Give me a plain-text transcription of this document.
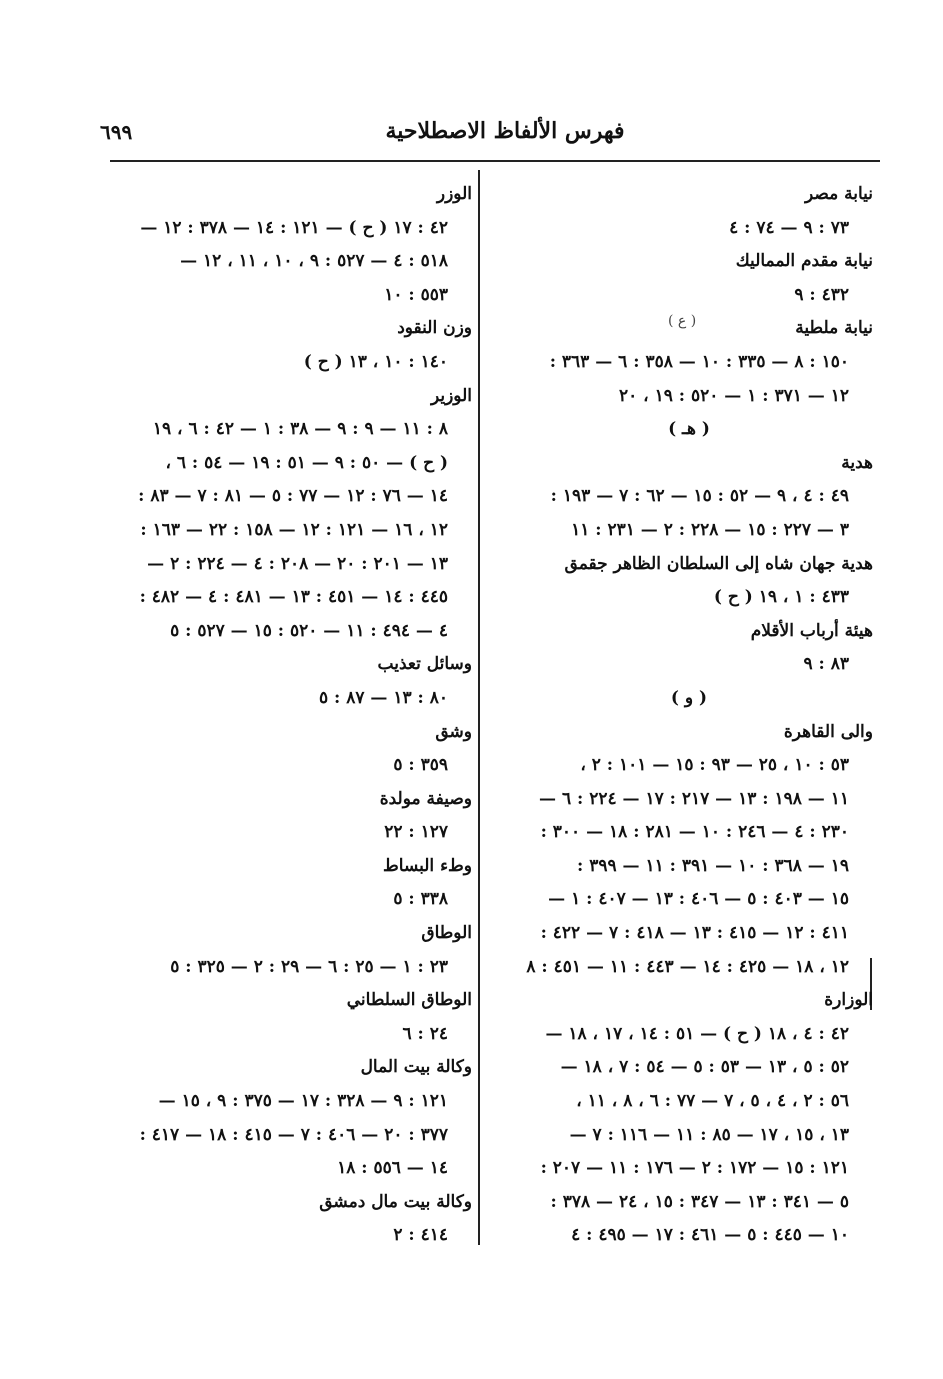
فهرس الألفاظ الاصطلاحية
٦٩٩
( ع )
نيابة مصر
٧٣ : ٩ — ٧٤ : ٤
نيابة مقدم المماليك
٤٣٢ : ٩
نيابة ملطية
١٥٠ : ٨ — ٣٣٥ : ١٠ — ٣٥٨ : ٦ — ٣٦٣ :
١٢ — ٣٧١ : ١ — ٥٢٠ : ١٩ ، ٢٠
( هـ )
هدية
٤٩ : ٤ ، ٩ — ٥٢ : ١٥ — ٦٢ : ٧ — ١٩٣ :
٣ — ٢٢٧ : ١٥ — ٢٢٨ : ٢ — ٢٣١ : ١١
هدية جهان شاه إلى السلطان الظاهر جقمق
٤٣٣ : ١ ، ١٩ ( ح )
هيئة أرباب الأقلام
٨٣ : ٩
( و )
والى القاهرة
٥٣ : ١٠ ، ٢٥ — ٩٣ : ١٥ — ١٠١ : ٢ ،
١١ — ١٩٨ : ١٣ — ٢١٧ : ١٧ — ٢٢٤ : ٦ —
٢٣٠ : ٤ — ٢٤٦ : ١٠ — ٢٨١ : ١٨ — ٣٠٠ :
١٩ — ٣٦٨ : ١٠ — ٣٩١ : ١١ — ٣٩٩ :
١٥ — ٤٠٣ : ٥ — ٤٠٦ : ١٣ — ٤٠٧ : ١ —
٤١١ : ١٢ — ٤١٥ : ١٣ — ٤١٨ : ٧ — ٤٢٢ :
١٢ ، ١٨ — ٤٢٥ : ١٤ — ٤٤٣ : ١١ — ٤٥١ : ٨
الوزارة
٤٢ : ٤ ، ١٨ ( ح ) — ٥١ : ١٤ ، ١٧ ، ١٨ —
٥٢ : ٥ ، ١٣ — ٥٣ : ٥ — ٥٤ : ٧ ، ١٨ —
٥٦ : ٢ ، ٤ ، ٥ ، ٧ — ٧٧ : ٦ ، ٨ ، ١١ ،
١٣ ، ١٥ ، ١٧ — ٨٥ : ١١ — ١١٦ : ٧ —
١٢١ : ١٥ — ١٧٢ : ٢ — ١٧٦ : ١١ — ٢٠٧ :
٥ — ٣٤١ : ١٣ — ٣٤٧ : ١٥ ، ٢٤ — ٣٧٨ :
١٠ — ٤٤٥ : ٥ — ٤٦١ : ١٧ — ٤٩٥ : ٤
الوزر
٤٢ : ١٧ ( ح ) — ١٢١ : ١٤ — ٣٧٨ : ١٢ —
٥١٨ : ٤ — ٥٢٧ : ٩ ، ١٠ ، ١١ ، ١٢ —
٥٥٣ : ١٠
وزن النقود
١٤٠ : ١٠ ، ١٣ ( ح )
الوزير
٨ : ١١ — ٩ : ٩ — ٣٨ : ١ — ٤٢ : ٦ ، ١٩
( ح ) — ٥٠ : ٩ — ٥١ : ١٩ — ٥٤ : ٦ ،
١٤ — ٧٦ : ١٢ — ٧٧ : ٥ — ٨١ : ٧ — ٨٣ :
١٢ ، ١٦ — ١٢١ : ١٢ — ١٥٨ : ٢٢ — ١٦٣ :
١٣ — ٢٠١ : ٢٠ — ٢٠٨ : ٤ — ٢٢٤ : ٢ —
٤٤٥ : ١٤ — ٤٥١ : ١٣ — ٤٨١ : ٤ — ٤٨٢ :
٤ — ٤٩٤ : ١١ — ٥٢٠ : ١٥ — ٥٢٧ : ٥
وسائل تعذيب
٨٠ : ١٣ — ٨٧ : ٥
وشق
٣٥٩ : ٥
وصيفة مولدة
١٢٧ : ٢٢
وطء البساط
٣٣٨ : ٥
الوطاق
٢٣ : ١ — ٢٥ : ٦ — ٢٩ : ٢ — ٣٢٥ : ٥
الوطاق السلطاني
٢٤ : ٦
وكالة بيت المال
١٢١ : ٩ — ٣٢٨ : ١٧ — ٣٧٥ : ٩ ، ١٥ —
٣٧٧ : ٢٠ — ٤٠٦ : ٧ — ٤١٥ : ١٨ — ٤١٧ :
١٤ — ٥٥٦ : ١٨
وكالة بيت مال دمشق
٤١٤ : ٢
